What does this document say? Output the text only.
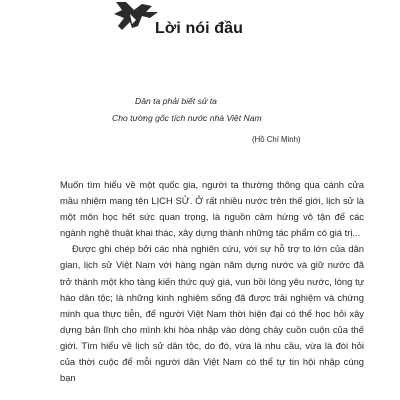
Lời nói đầu
Dân ta phải biết sử ta
Cho tường gốc tích nước nhà Việt Nam
(Hồ Chí Minh)

Muốn tìm hiểu về một quốc gia, người ta thường thông qua cánh cửa mầu nhiệm mang tên LỊCH SỬ. Ở rất nhiều nước trên thế giới, lịch sử là một môn học hết sức quan trọng, là nguồn cảm hứng vô tận để các ngành nghệ thuật khai thác, xây dựng thành những tác phẩm có giá trị...

Được ghi chép bởi các nhà nghiên cứu, với sự hỗ trợ to lớn của dân gian, lịch sử Việt Nam với hàng ngàn năm dựng nước và giữ nước đã trở thành một kho tàng kiến thức quý giá, vun bồi lòng yêu nước, lòng tự hào dân tộc; là những kinh nghiệm sống đã được trải nghiệm và chứng minh qua thực tiễn, để người Việt Nam thời hiện đại có thể học hỏi xây dựng bản lĩnh cho mình khi hòa nhập vào dòng chảy cuồn cuộn của thế giới. Tìm hiểu về lịch sử dân tộc, do đó, vừa là nhu cầu, vừa là đòi hỏi của thời cuộc để mỗi người dân Việt Nam có thể tự tin hội nhập cùng bạn
